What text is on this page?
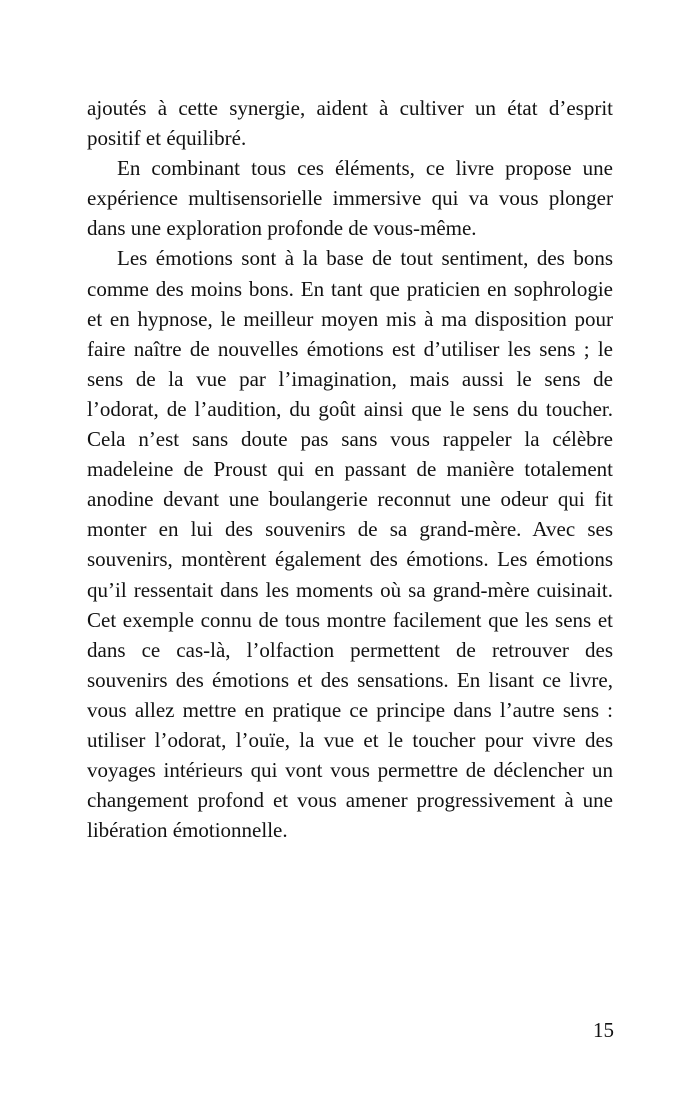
ajoutés à cette synergie, aident à cultiver un état d’esprit positif et équilibré.

En combinant tous ces éléments, ce livre propose une expérience multisensorielle immersive qui va vous plonger dans une exploration profonde de vous-même.

Les émotions sont à la base de tout sentiment, des bons comme des moins bons. En tant que praticien en sophrologie et en hypnose, le meilleur moyen mis à ma disposition pour faire naître de nouvelles émotions est d’utiliser les sens ; le sens de la vue par l’imagination, mais aussi le sens de l’odorat, de l’audition, du goût ainsi que le sens du toucher. Cela n’est sans doute pas sans vous rappeler la célèbre madeleine de Proust qui en passant de manière totalement anodine devant une boulangerie reconnut une odeur qui fit monter en lui des souvenirs de sa grand-mère. Avec ses souvenirs, montèrent également des émotions. Les émotions qu’il ressentait dans les moments où sa grand-mère cuisinait. Cet exemple connu de tous montre facilement que les sens et dans ce cas-là, l’olfaction permettent de retrouver des souvenirs des émotions et des sensations. En lisant ce livre, vous allez mettre en pratique ce principe dans l’autre sens : utiliser l’odorat, l’ouïe, la vue et le toucher pour vivre des voyages intérieurs qui vont vous permettre de déclencher un changement profond et vous amener progressivement à une libération émotionnelle.

15
